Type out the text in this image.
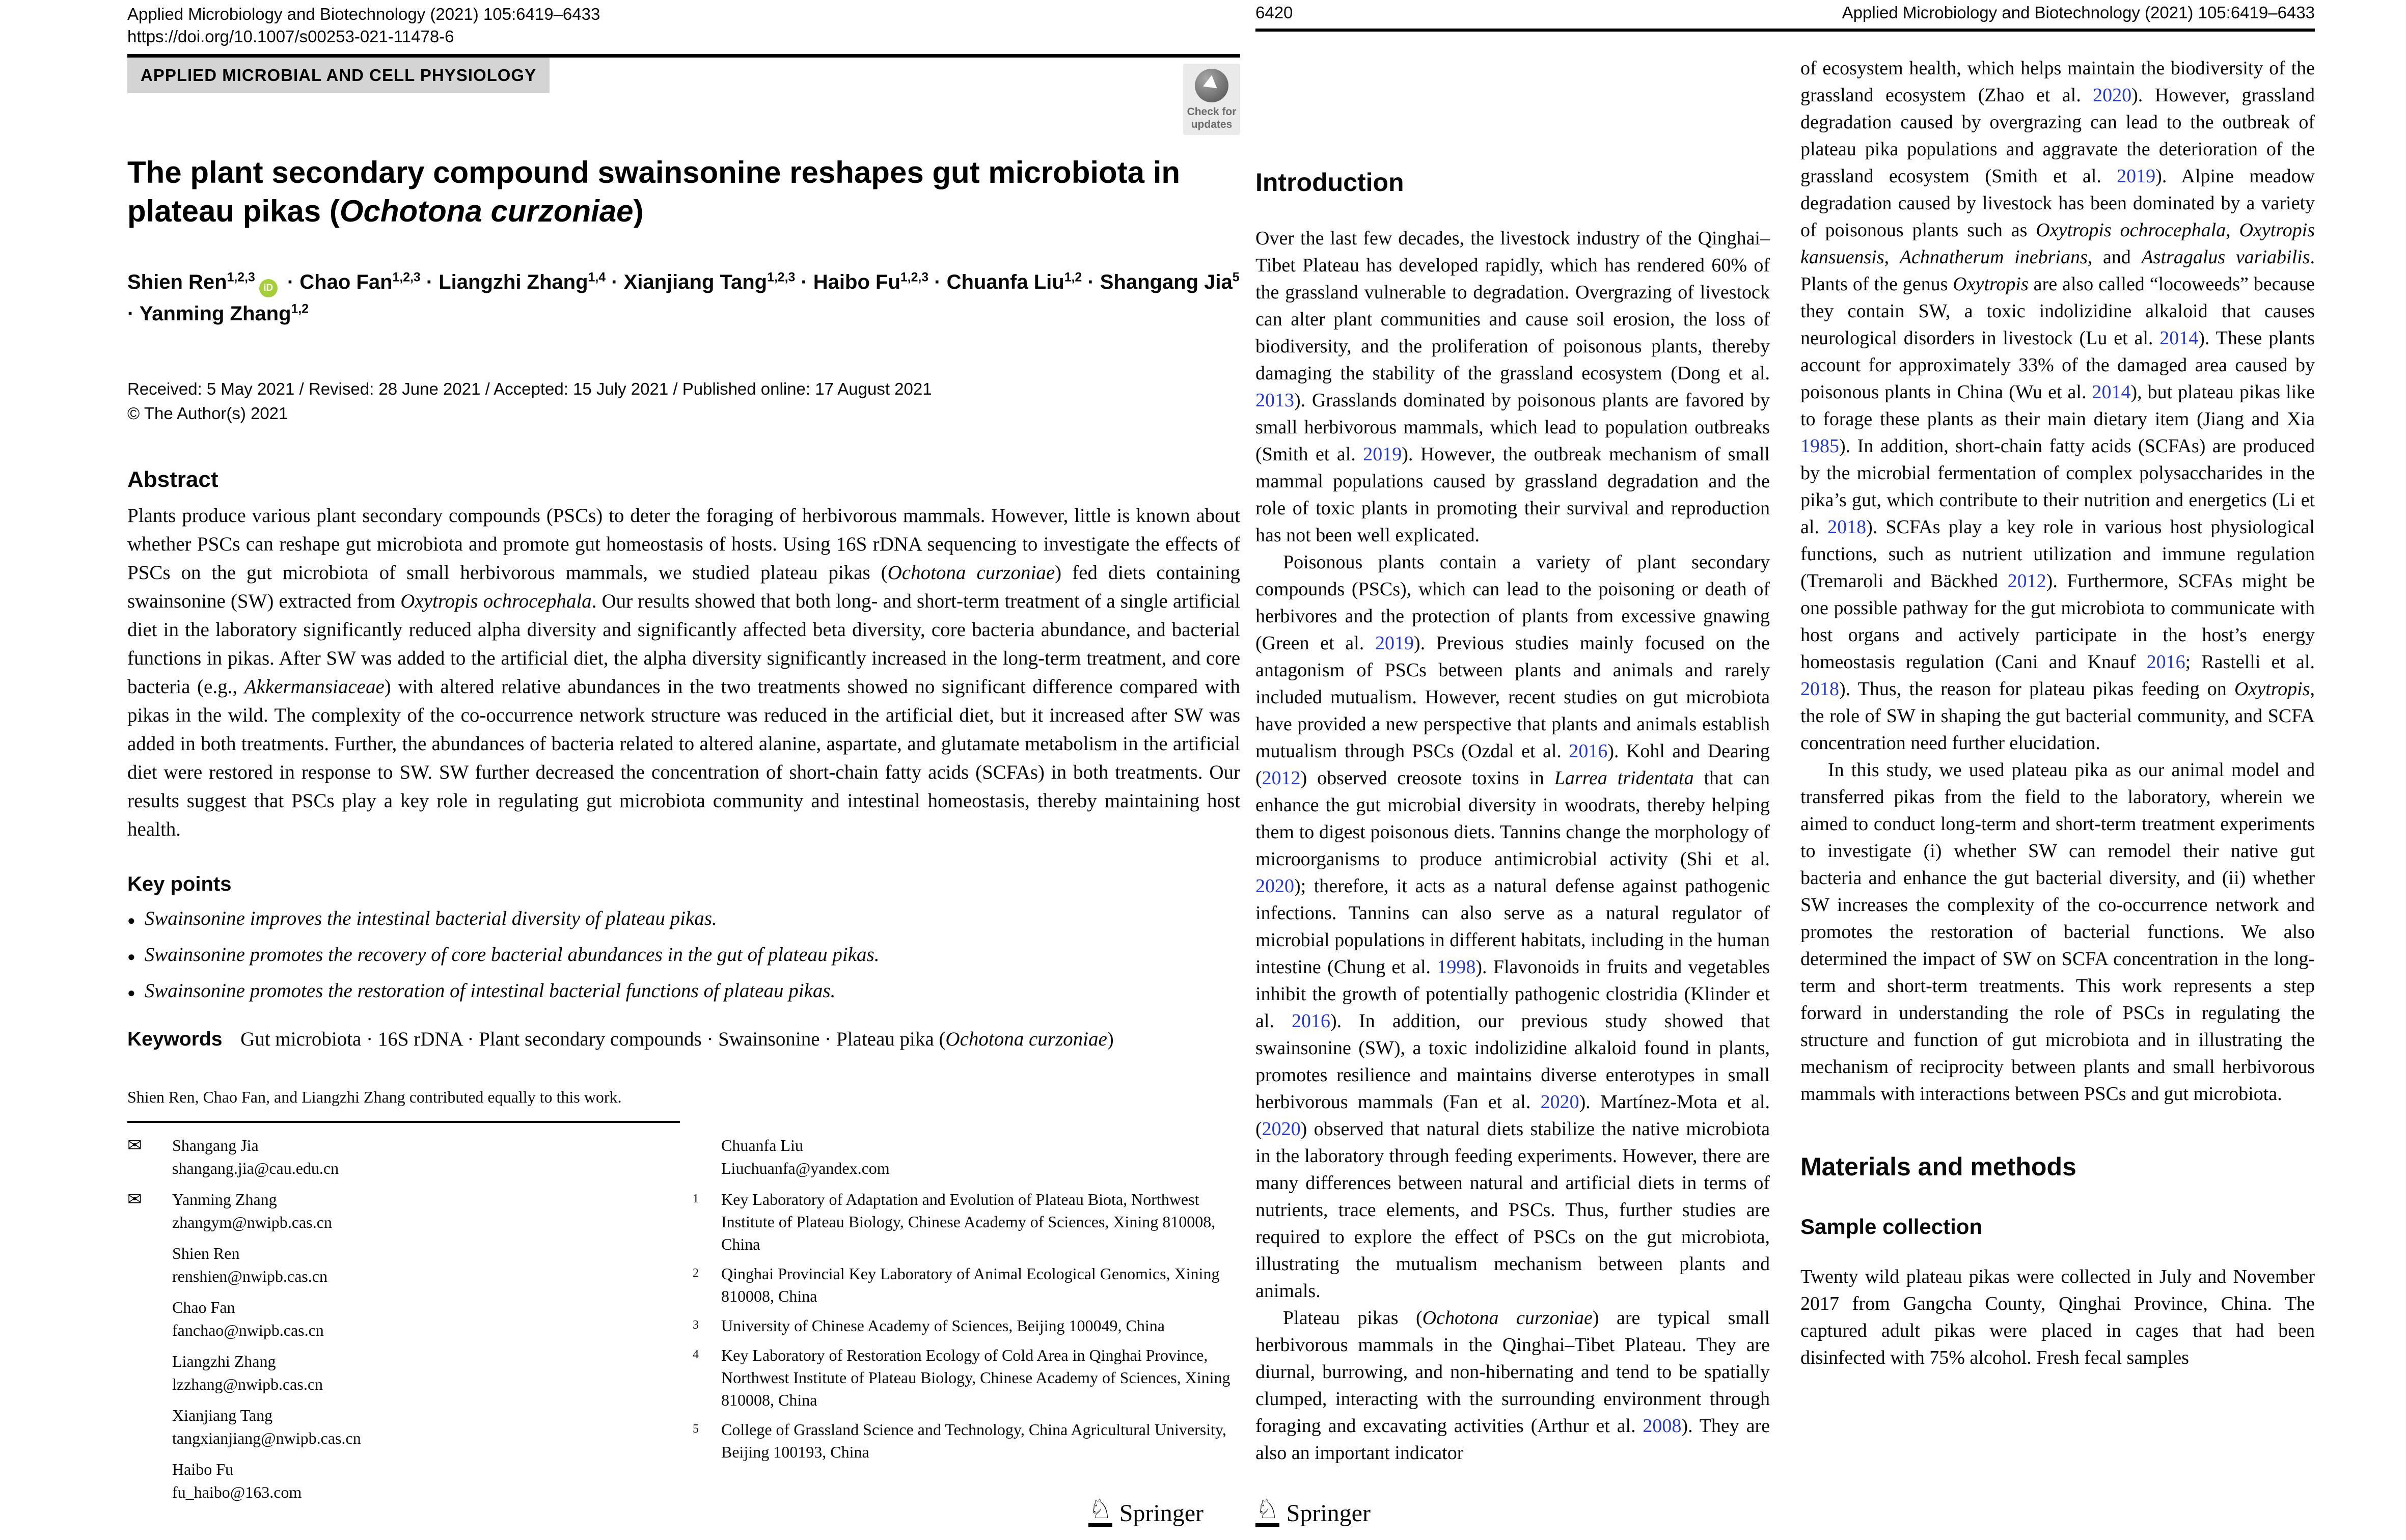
Applied Microbiology and Biotechnology (2021) 105:6419–6433
https://doi.org/10.1007/s00253-021-11478-6
APPLIED MICROBIAL AND CELL PHYSIOLOGY
Check for
updates
The plant secondary compound swainsonine reshapes gut microbiota in plateau pikas (Ochotona curzoniae)
Shien Ren$^{1,2,3}$iD · Chao Fan$^{1,2,3}$ · Liangzhi Zhang$^{1,4}$ · Xianjiang Tang$^{1,2,3}$ · Haibo Fu$^{1,2,3}$ · Chuanfa Liu$^{1,2}$ · Shangang Jia$^5$ · Yanming Zhang$^{1,2}$
Received: 5 May 2021 / Revised: 28 June 2021 / Accepted: 15 July 2021 / Published online: 17 August 2021
© The Author(s) 2021
Abstract

Plants produce various plant secondary compounds (PSCs) to deter the foraging of herbivorous mammals. However, little is known about whether PSCs can reshape gut microbiota and promote gut homeostasis of hosts. Using 16S rDNA sequencing to investigate the effects of PSCs on the gut microbiota of small herbivorous mammals, we studied plateau pikas (Ochotona curzoniae) fed diets containing swainsonine (SW) extracted from Oxytropis ochrocephala. Our results showed that both long- and short-term treatment of a single artificial diet in the laboratory significantly reduced alpha diversity and significantly affected beta diversity, core bacteria abundance, and bacterial functions in pikas. After SW was added to the artificial diet, the alpha diversity significantly increased in the long-term treatment, and core bacteria (e.g., Akkermansiaceae) with altered relative abundances in the two treatments showed no significant difference compared with pikas in the wild. The complexity of the co-occurrence network structure was reduced in the artificial diet, but it increased after SW was added in both treatments. Further, the abundances of bacteria related to altered alanine, aspartate, and glutamate metabolism in the artificial diet were restored in response to SW. SW further decreased the concentration of short-chain fatty acids (SCFAs) in both treatments. Our results suggest that PSCs play a key role in regulating gut microbiota community and intestinal homeostasis, thereby maintaining host health.

Key points
● Swainsonine improves the intestinal bacterial diversity of plateau pikas.
● Swainsonine promotes the recovery of core bacterial abundances in the gut of plateau pikas.
● Swainsonine promotes the restoration of intestinal bacterial functions of plateau pikas.
Keywords Gut microbiota · 16S rDNA · Plant secondary compounds · Swainsonine · Plateau pika (Ochotona curzoniae)
Shien Ren, Chao Fan, and Liangzhi Zhang contributed equally to this work.
✉	Shangang Jia
shangang.jia@cau.edu.cn
✉	Yanming Zhang
zhangym@nwipb.cas.cn
Shien Ren
renshien@nwipb.cas.cn
Chao Fan
fanchao@nwipb.cas.cn
Liangzhi Zhang
lzzhang@nwipb.cas.cn
Xianjiang Tang
tangxianjiang@nwipb.cas.cn
Haibo Fu
fu_haibo@163.com
Chuanfa Liu
Liuchuanfa@yandex.com
1	Key Laboratory of Adaptation and Evolution of Plateau Biota, Northwest Institute of Plateau Biology, Chinese Academy of Sciences, Xining 810008, China
2	Qinghai Provincial Key Laboratory of Animal Ecological Genomics, Xining 810008, China
3	University of Chinese Academy of Sciences, Beijing 100049, China
4	Key Laboratory of Restoration Ecology of Cold Area in Qinghai Province, Northwest Institute of Plateau Biology, Chinese Academy of Sciences, Xining 810008, China
5	College of Grassland Science and Technology, China Agricultural University, Beijing 100193, China
♘ Springer
6420	Applied Microbiology and Biotechnology (2021) 105:6419–6433
Introduction

Over the last few decades, the livestock industry of the Qinghai–Tibet Plateau has developed rapidly, which has rendered 60% of the grassland vulnerable to degradation. Overgrazing of livestock can alter plant communities and cause soil erosion, the loss of biodiversity, and the proliferation of poisonous plants, thereby damaging the stability of the grassland ecosystem (Dong et al. 2013). Grasslands dominated by poisonous plants are favored by small herbivorous mammals, which lead to population outbreaks (Smith et al. 2019). However, the outbreak mechanism of small mammal populations caused by grassland degradation and the role of toxic plants in promoting their survival and reproduction has not been well explicated.

Poisonous plants contain a variety of plant secondary compounds (PSCs), which can lead to the poisoning or death of herbivores and the protection of plants from excessive gnawing (Green et al. 2019). Previous studies mainly focused on the antagonism of PSCs between plants and animals and rarely included mutualism. However, recent studies on gut microbiota have provided a new perspective that plants and animals establish mutualism through PSCs (Ozdal et al. 2016). Kohl and Dearing (2012) observed creosote toxins in Larrea tridentata that can enhance the gut microbial diversity in woodrats, thereby helping them to digest poisonous diets. Tannins change the morphology of microorganisms to produce antimicrobial activity (Shi et al. 2020); therefore, it acts as a natural defense against pathogenic infections. Tannins can also serve as a natural regulator of microbial populations in different habitats, including in the human intestine (Chung et al. 1998). Flavonoids in fruits and vegetables inhibit the growth of potentially pathogenic clostridia (Klinder et al. 2016). In addition, our previous study showed that swainsonine (SW), a toxic indolizidine alkaloid found in plants, promotes resilience and maintains diverse enterotypes in small herbivorous mammals (Fan et al. 2020). Martínez-Mota et al. (2020) observed that natural diets stabilize the native microbiota in the laboratory through feeding experiments. However, there are many differences between natural and artificial diets in terms of nutrients, trace elements, and PSCs. Thus, further studies are required to explore the effect of PSCs on the gut microbiota, illustrating the mutualism mechanism between plants and animals.

Plateau pikas (Ochotona curzoniae) are typical small herbivorous mammals in the Qinghai–Tibet Plateau. They are diurnal, burrowing, and non-hibernating and tend to be spatially clumped, interacting with the surrounding environment through foraging and excavating activities (Arthur et al. 2008). They are also an important indicator

of ecosystem health, which helps maintain the biodiversity of the grassland ecosystem (Zhao et al. 2020). However, grassland degradation caused by overgrazing can lead to the outbreak of plateau pika populations and aggravate the deterioration of the grassland ecosystem (Smith et al. 2019). Alpine meadow degradation caused by livestock has been dominated by a variety of poisonous plants such as Oxytropis ochrocephala, Oxytropis kansuensis, Achnatherum inebrians, and Astragalus variabilis. Plants of the genus Oxytropis are also called “locoweeds” because they contain SW, a toxic indolizidine alkaloid that causes neurological disorders in livestock (Lu et al. 2014). These plants account for approximately 33% of the damaged area caused by poisonous plants in China (Wu et al. 2014), but plateau pikas like to forage these plants as their main dietary item (Jiang and Xia 1985). In addition, short-chain fatty acids (SCFAs) are produced by the microbial fermentation of complex polysaccharides in the pika’s gut, which contribute to their nutrition and energetics (Li et al. 2018). SCFAs play a key role in various host physiological functions, such as nutrient utilization and immune regulation (Tremaroli and Bäckhed 2012). Furthermore, SCFAs might be one possible pathway for the gut microbiota to communicate with host organs and actively participate in the host’s energy homeostasis regulation (Cani and Knauf 2016; Rastelli et al. 2018). Thus, the reason for plateau pikas feeding on Oxytropis, the role of SW in shaping the gut bacterial community, and SCFA concentration need further elucidation.

In this study, we used plateau pika as our animal model and transferred pikas from the field to the laboratory, wherein we aimed to conduct long-term and short-term treatment experiments to investigate (i) whether SW can remodel their native gut bacteria and enhance the gut bacterial diversity, and (ii) whether SW increases the complexity of the co-occurrence network and promotes the restoration of bacterial functions. We also determined the impact of SW on SCFA concentration in the long-term and short-term treatments. This work represents a step forward in understanding the role of PSCs in regulating the structure and function of gut microbiota and in illustrating the mechanism of reciprocity between plants and small herbivorous mammals with interactions between PSCs and gut microbiota.

Materials and methods
Sample collection

Twenty wild plateau pikas were collected in July and November 2017 from Gangcha County, Qinghai Province, China. The captured adult pikas were placed in cages that had been disinfected with 75% alcohol. Fresh fecal samples

♘ Springer
